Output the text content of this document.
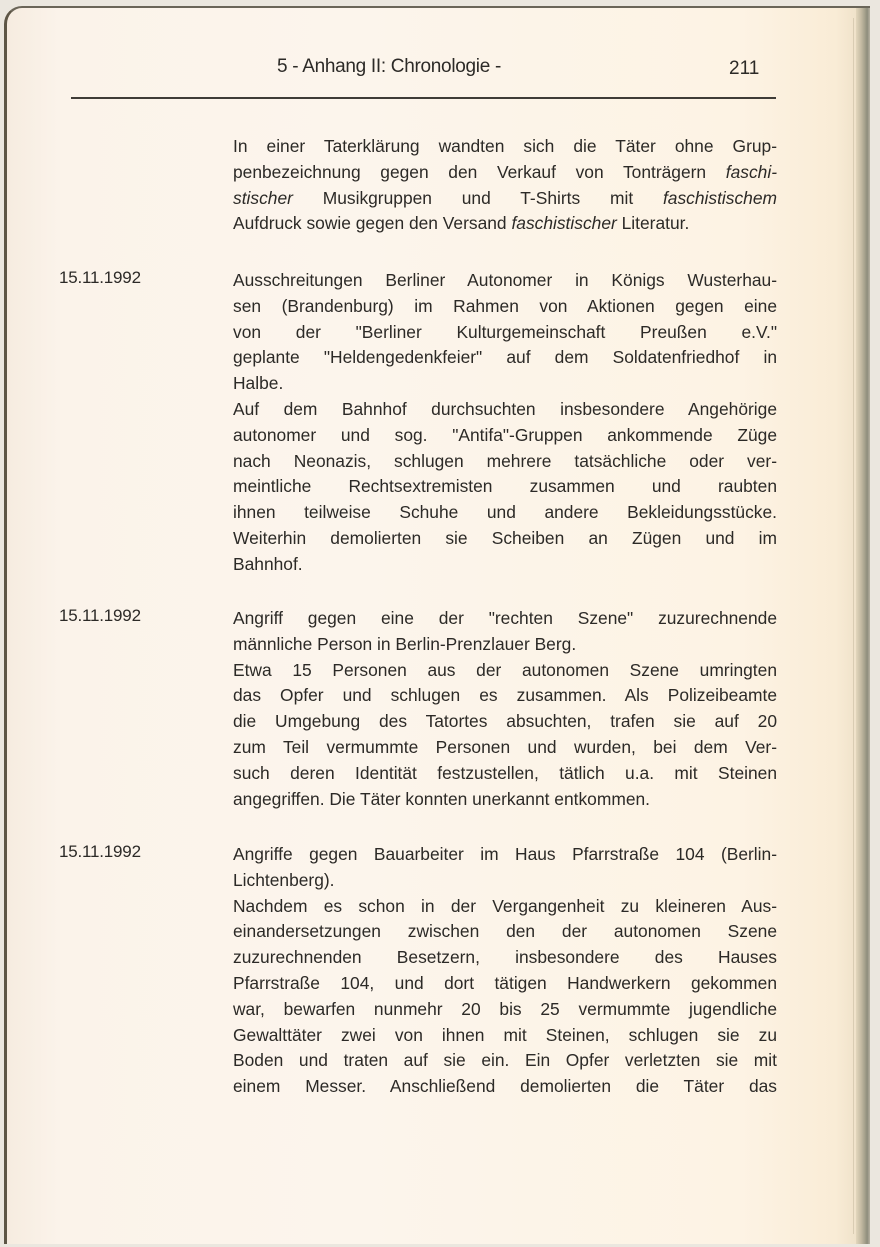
5 - Anhang II: Chronologie -	211
In einer Taterklärung wandten sich die Täter ohne Grup-
penbezeichnung gegen den Verkauf von Tonträgern faschi-
stischer Musikgruppen und T-Shirts mit faschistischem
Aufdruck sowie gegen den Versand faschistischer Literatur.
15.11.1992	Ausschreitungen Berliner Autonomer in Königs Wusterhau-
sen (Brandenburg) im Rahmen von Aktionen gegen eine
von der "Berliner Kulturgemeinschaft Preußen e.V."
geplante "Heldengedenkfeier" auf dem Soldatenfriedhof in
Halbe.
Auf dem Bahnhof durchsuchten insbesondere Angehörige
autonomer und sog. "Antifa"-Gruppen ankommende Züge
nach Neonazis, schlugen mehrere tatsächliche oder ver-
meintliche Rechtsextremisten zusammen und raubten
ihnen teilweise Schuhe und andere Bekleidungsstücke.
Weiterhin demolierten sie Scheiben an Zügen und im
Bahnhof.
15.11.1992	Angriff gegen eine der "rechten Szene" zuzurechnende
männliche Person in Berlin-Prenzlauer Berg.
Etwa 15 Personen aus der autonomen Szene umringten
das Opfer und schlugen es zusammen. Als Polizeibeamte
die Umgebung des Tatortes absuchten, trafen sie auf 20
zum Teil vermummte Personen und wurden, bei dem Ver-
such deren Identität festzustellen, tätlich u.a. mit Steinen
angegriffen. Die Täter konnten unerkannt entkommen.
15.11.1992	Angriffe gegen Bauarbeiter im Haus Pfarrstraße 104 (Berlin-
Lichtenberg).
Nachdem es schon in der Vergangenheit zu kleineren Aus-
einandersetzungen zwischen den der autonomen Szene
zuzurechnenden Besetzern, insbesondere des Hauses
Pfarrstraße 104, und dort tätigen Handwerkern gekommen
war, bewarfen nunmehr 20 bis 25 vermummte jugendliche
Gewalttäter zwei von ihnen mit Steinen, schlugen sie zu
Boden und traten auf sie ein. Ein Opfer verletzten sie mit
einem Messer. Anschließend demolierten die Täter das
